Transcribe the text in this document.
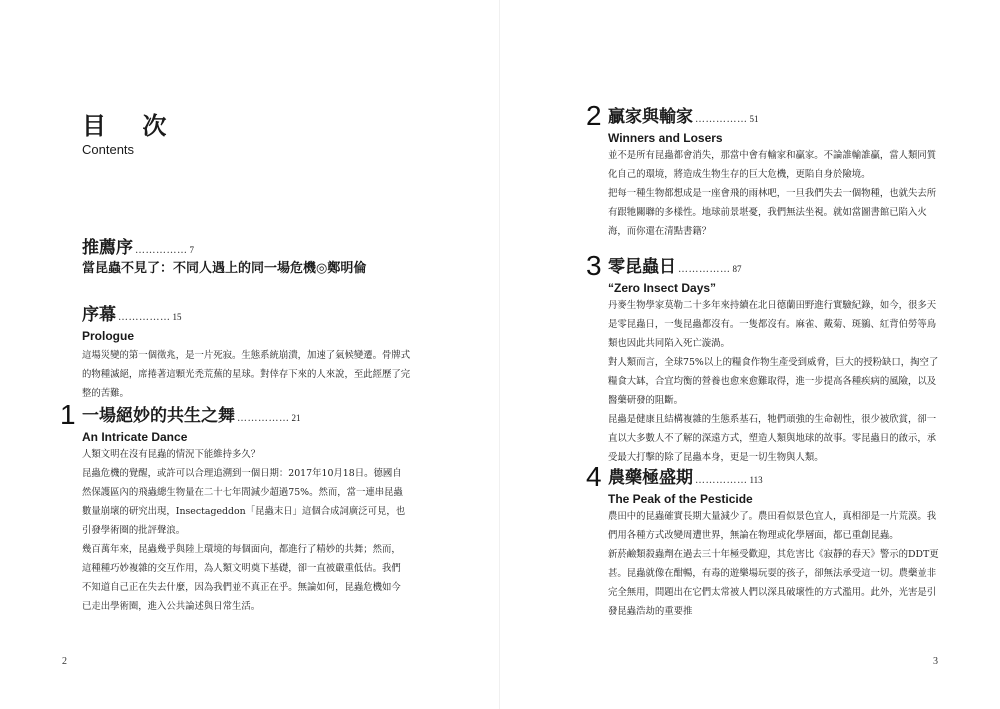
目 次
Contents
推薦序 …………… 7
當昆蟲不見了：不同人遇上的同一場危機◎鄭明倫
序幕 …………… 15
Prologue

這場災變的第一個徵兆，是一片死寂。生態系統崩潰，加速了氣候變遷。骨牌式的物種滅絕，席捲著這顆光禿荒蕪的星球。對倖存下來的人來說，至此經歷了完整的苦難。

1 一場絕妙的共生之舞 …………… 21
An Intricate Dance

人類文明在沒有昆蟲的情況下能維持多久？

昆蟲危機的覺醒，或許可以合理追溯到一個日期：2017年10月18日。德國自然保護區內的飛蟲總生物量在二十七年間減少超過75%。然而，當一連串昆蟲數量崩壞的研究出現，Insectageddon「昆蟲末日」這個合成詞廣泛可見，也引發學術圈的批評聲浪。

幾百萬年來，昆蟲幾乎與陸上環境的每個面向，都進行了精妙的共舞；然而，這種種巧妙複雜的交互作用，為人類文明奠下基礎，卻一直被嚴重低估。我們不知道自己正在失去什麼，因為我們並不真正在乎。無論如何，昆蟲危機如今已走出學術圈，進入公共論述與日常生活。

2
2 贏家與輸家 …………… 51
Winners and Losers

並不是所有昆蟲都會消失，那當中會有輸家和贏家。不論誰輸誰贏，當人類同質化自己的環境，將造成生物生存的巨大危機，更陷自身於險境。

把每一種生物都想成是一座會飛的雨林吧，一旦我們失去一個物種，也就失去所有跟牠關聯的多樣性。地球前景堪憂，我們無法坐視。就如當圖書館已陷入火海，而你還在清點書籍？

3 零昆蟲日 …………… 87
“Zero Insect Days”

丹麥生物學家莫勒二十多年來持續在北日德蘭田野進行實驗紀錄，如今，很多天是零昆蟲日，一隻昆蟲都沒有。一隻都沒有。麻雀、戴菊、斑鶲、紅背伯勞等鳥類也因此共同陷入死亡漩渦。

對人類而言，全球75%以上的糧食作物生產受到威脅，巨大的授粉缺口，掏空了糧食大缽，合宜均衡的營養也愈來愈難取得，進一步提高各種疾病的風險，以及醫藥研發的阻斷。

昆蟲是健康且結構複雜的生態系基石，牠們頑強的生命韌性，很少被欣賞，卻一直以大多數人不了解的深遠方式，塑造人類與地球的故事。零昆蟲日的啟示，承受最大打擊的除了昆蟲本身，更是一切生物與人類。

4 農藥極盛期 …………… 113
The Peak of the Pesticide

農田中的昆蟲確實長期大量減少了。農田看似景色宜人，真相卻是一片荒漠。我們用各種方式改變周遭世界，無論在物理或化學層面，都已重創昆蟲。

新菸鹼類殺蟲劑在過去三十年極受歡迎，其危害比《寂靜的春天》警示的DDT更甚。昆蟲就像在酣暢，有毒的遊樂場玩耍的孩子，卻無法承受這一切。農藥並非完全無用，問題出在它們太常被人們以深具破壞性的方式濫用。此外，光害是引發昆蟲浩劫的重要推

3
